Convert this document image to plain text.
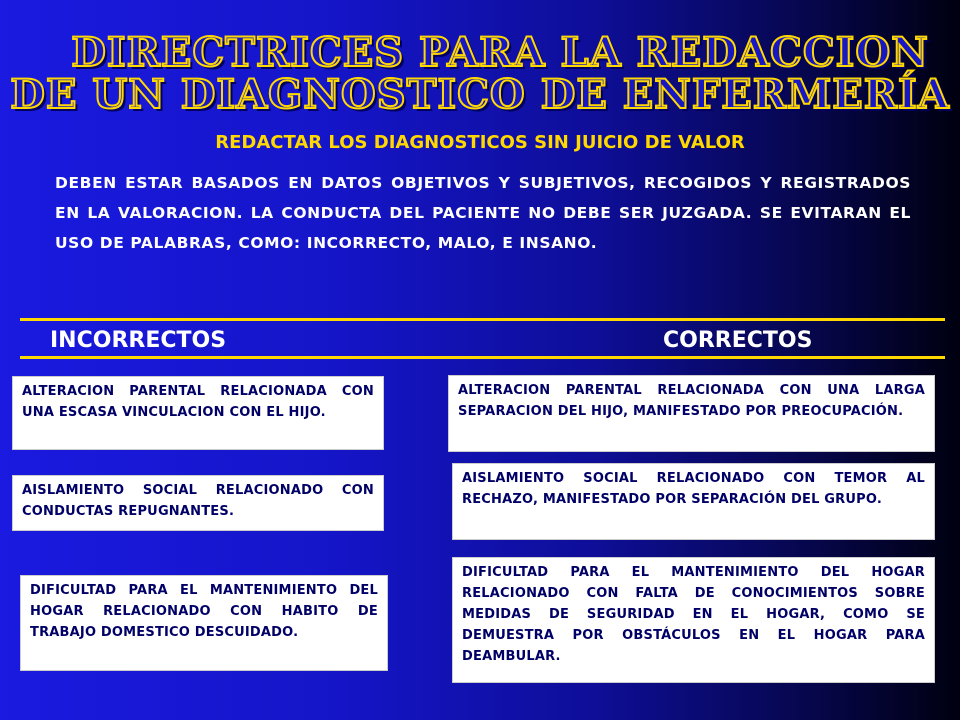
DIRECTRICES PARA LA REDACCION
DE UN DIAGNOSTICO DE ENFERMERÍA
REDACTAR LOS DIAGNOSTICOS SIN JUICIO DE VALOR
DEBEN ESTAR BASADOS EN DATOS OBJETIVOS Y SUBJETIVOS, RECOGIDOS Y REGISTRADOS EN LA VALORACION. LA CONDUCTA DEL PACIENTE NO DEBE SER JUZGADA. SE EVITARAN EL USO DE PALABRAS, COMO: INCORRECTO, MALO, E INSANO.
INCORRECTOS	CORRECTOS
ALTERACION PARENTAL RELACIONADA CON UNA ESCASA VINCULACION CON EL HIJO.
AISLAMIENTO SOCIAL RELACIONADO CON CONDUCTAS REPUGNANTES.
DIFICULTAD PARA EL MANTENIMIENTO DEL HOGAR RELACIONADO CON HABITO DE TRABAJO DOMESTICO DESCUIDADO.
ALTERACION PARENTAL RELACIONADA CON UNA LARGA SEPARACION DEL HIJO, MANIFESTADO POR PREOCUPACIÓN.
AISLAMIENTO SOCIAL RELACIONADO CON TEMOR AL RECHAZO, MANIFESTADO POR SEPARACIÓN DEL GRUPO.
DIFICULTAD PARA EL MANTENIMIENTO DEL HOGAR RELACIONADO CON FALTA DE CONOCIMIENTOS SOBRE MEDIDAS DE SEGURIDAD EN EL HOGAR, COMO SE DEMUESTRA POR OBSTÁCULOS EN EL HOGAR PARA DEAMBULAR.
